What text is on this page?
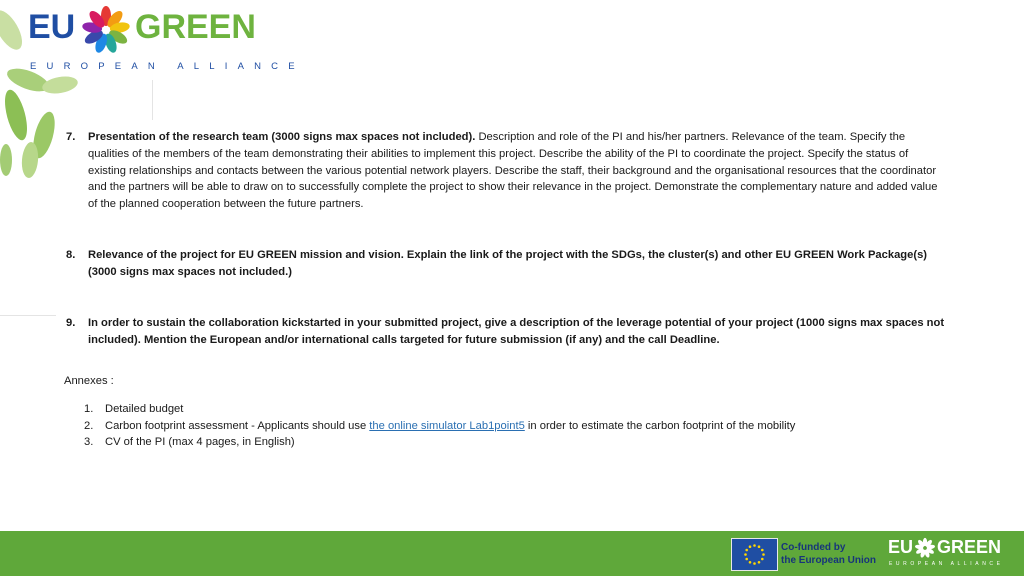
EU GREEN
EUROPEAN ALLIANCE
7.	Presentation of the research team (3000 signs max spaces not included). Description and role of the PI and his/her partners. Relevance of the team. Specify the qualities of the members of the team demonstrating their abilities to implement this project. Describe the ability of the PI to coordinate the project. Specify the status of existing relationships and contacts between the various potential network players. Describe the staff, their background and the organisational resources that the coordinator and the partners will be able to draw on to successfully complete the project to show their relevance in the project. Demonstrate the complementary nature and added value of the planned cooperation between the future partners.
8.	Relevance of the project for EU GREEN mission and vision. Explain the link of the project with the SDGs, the cluster(s) and other EU GREEN Work Package(s) (3000 signs max spaces not included.)
9.	In order to sustain the collaboration kickstarted in your submitted project, give a description of the leverage potential of your project (1000 signs max spaces not included). Mention the European and/or international calls targeted for future submission (if any) and the call Deadline.
Annexes :
1. Detailed budget
2. Carbon footprint assessment - Applicants should use the online simulator Lab1point5 in order to estimate the carbon footprint of the mobility
3. CV of the PI (max 4 pages, in English)
Co-funded by
the European Union
EU GREEN
EUROPEAN ALLIANCE
